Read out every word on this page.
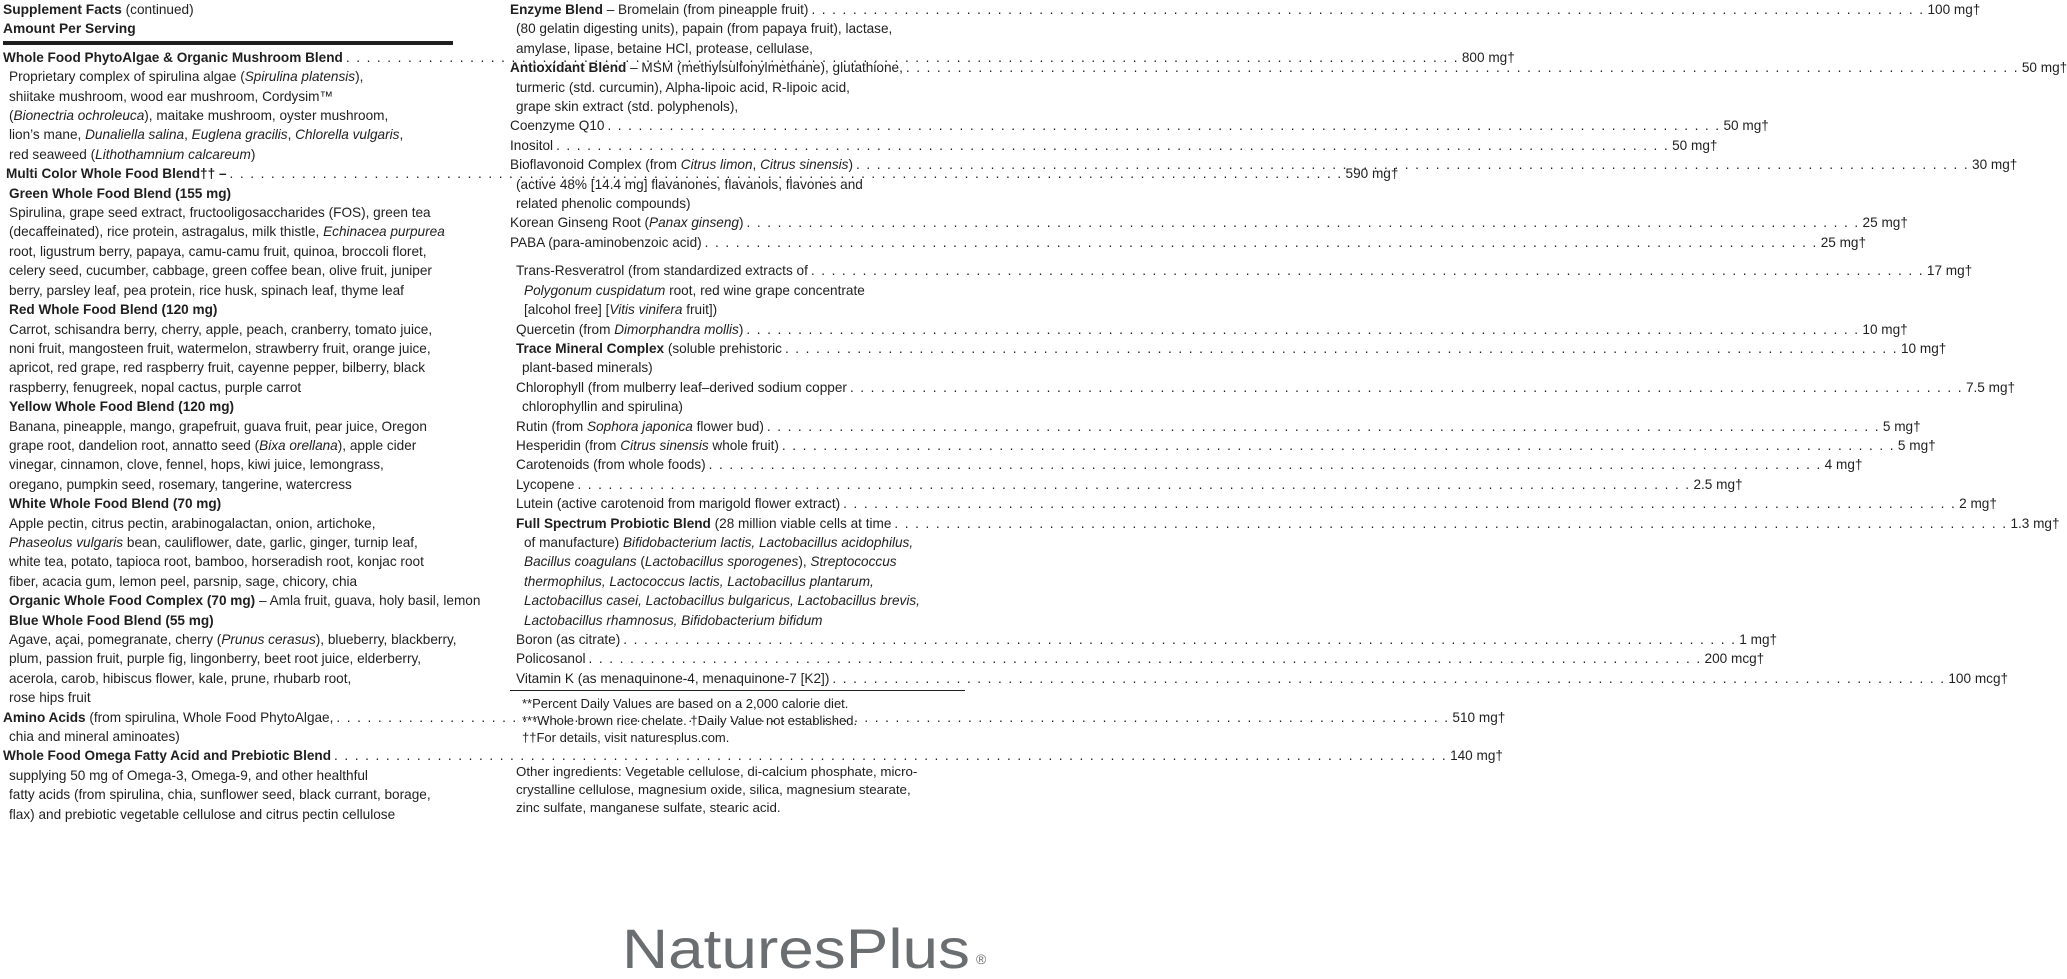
Supplement Facts (continued)
Amount Per Serving
Whole Food PhytoAlgae & Organic Mushroom Blend . . .	800 mg†
Proprietary complex of spirulina algae (Spirulina platensis),
shiitake mushroom, wood ear mushroom, Cordysim™
(Bionectria ochroleuca), maitake mushroom, oyster mushroom,
lion’s mane, Dunaliella salina, Euglena gracilis, Chlorella vulgaris,
red seaweed (Lithothamnium calcareum)
Multi Color Whole Food Blend†† – . . .	590 mg†
Green Whole Food Blend (155 mg)
Spirulina, grape seed extract, fructooligosaccharides (FOS), green tea
(decaffeinated), rice protein, astragalus, milk thistle, Echinacea purpurea
root, ligustrum berry, papaya, camu-camu fruit, quinoa, broccoli floret,
celery seed, cucumber, cabbage, green coffee bean, olive fruit, juniper
berry, parsley leaf, pea protein, rice husk, spinach leaf, thyme leaf
Red Whole Food Blend (120 mg)
Carrot, schisandra berry, cherry, apple, peach, cranberry, tomato juice,
noni fruit, mangosteen fruit, watermelon, strawberry fruit, orange juice,
apricot, red grape, red raspberry fruit, cayenne pepper, bilberry, black
raspberry, fenugreek, nopal cactus, purple carrot
Yellow Whole Food Blend (120 mg)
Banana, pineapple, mango, grapefruit, guava fruit, pear juice, Oregon
grape root, dandelion root, annatto seed (Bixa orellana), apple cider
vinegar, cinnamon, clove, fennel, hops, kiwi juice, lemongrass,
oregano, pumpkin seed, rosemary, tangerine, watercress
White Whole Food Blend (70 mg)
Apple pectin, citrus pectin, arabinogalactan, onion, artichoke,
Phaseolus vulgaris bean, cauliflower, date, garlic, ginger, turnip leaf,
white tea, potato, tapioca root, bamboo, horseradish root, konjac root
fiber, acacia gum, lemon peel, parsnip, sage, chicory, chia
Organic Whole Food Complex (70 mg) – Amla fruit, guava, holy basil, lemon
Blue Whole Food Blend (55 mg)
Agave, açai, pomegranate, cherry (Prunus cerasus), blueberry, blackberry,
plum, passion fruit, purple fig, lingonberry, beet root juice, elderberry,
acerola, carob, hibiscus flower, kale, prune, rhubarb root,
rose hips fruit
Amino Acids (from spirulina, Whole Food PhytoAlgae, . . .	510 mg†
chia and mineral aminoates)
Whole Food Omega Fatty Acid and Prebiotic Blend . . .	140 mg†
supplying 50 mg of Omega-3, Omega-9, and other healthful
fatty acids (from spirulina, chia, sunflower seed, black currant, borage,
flax) and prebiotic vegetable cellulose and citrus pectin cellulose
Enzyme Blend – Bromelain (from pineapple fruit) . . .	100 mg†
(80 gelatin digesting units), papain (from papaya fruit), lactase,
amylase, lipase, betaine HCl, protease, cellulase,
Antioxidant Blend – MSM (methylsulfonylmethane), glutathione, . . .	50 mg†
turmeric (std. curcumin), Alpha-lipoic acid, R-lipoic acid,
grape skin extract (std. polyphenols),
Coenzyme Q10 . . .	50 mg†
Inositol . . .	50 mg†
Bioflavonoid Complex (from Citrus limon, Citrus sinensis) . . .	30 mg†
(active 48% [14.4 mg] flavanones, flavanols, flavones and
related phenolic compounds)
Korean Ginseng Root (Panax ginseng) . . .	25 mg†
PABA (para-aminobenzoic acid) . . .	25 mg†
Trans-Resveratrol (from standardized extracts of . . .	17 mg†
Polygonum cuspidatum root, red wine grape concentrate
[alcohol free] [Vitis vinifera fruit])
Quercetin (from Dimorphandra mollis) . . .	10 mg†
Trace Mineral Complex (soluble prehistoric . . .	10 mg†
plant-based minerals)
Chlorophyll (from mulberry leaf–derived sodium copper . . .	7.5 mg†
chlorophyllin and spirulina)
Rutin (from Sophora japonica flower bud) . . .	5 mg†
Hesperidin (from Citrus sinensis whole fruit) . . .	5 mg†
Carotenoids (from whole foods) . . .	4 mg†
Lycopene . . .	2.5 mg†
Lutein (active carotenoid from marigold flower extract) . . .	2 mg†
Full Spectrum Probiotic Blend (28 million viable cells at time . . .	1.3 mg†
of manufacture) Bifidobacterium lactis, Lactobacillus acidophilus,
Bacillus coagulans (Lactobacillus sporogenes), Streptococcus
thermophilus, Lactococcus lactis, Lactobacillus plantarum,
Lactobacillus casei, Lactobacillus bulgaricus, Lactobacillus brevis,
Lactobacillus rhamnosus, Bifidobacterium bifidum
Boron (as citrate) . . .	1 mg†
Policosanol . . .	200 mcg†
Vitamin K (as menaquinone-4, menaquinone-7 [K2]) . . .	100 mcg†
**Percent Daily Values are based on a 2,000 calorie diet.
***Whole brown rice chelate. †Daily Value not established.
††For details, visit naturesplus.com.
Other ingredients: Vegetable cellulose, di-calcium phosphate, micro-
crystalline cellulose, magnesium oxide, silica, magnesium stearate,
zinc sulfate, manganese sulfate, stearic acid.
NaturesPlus ®
